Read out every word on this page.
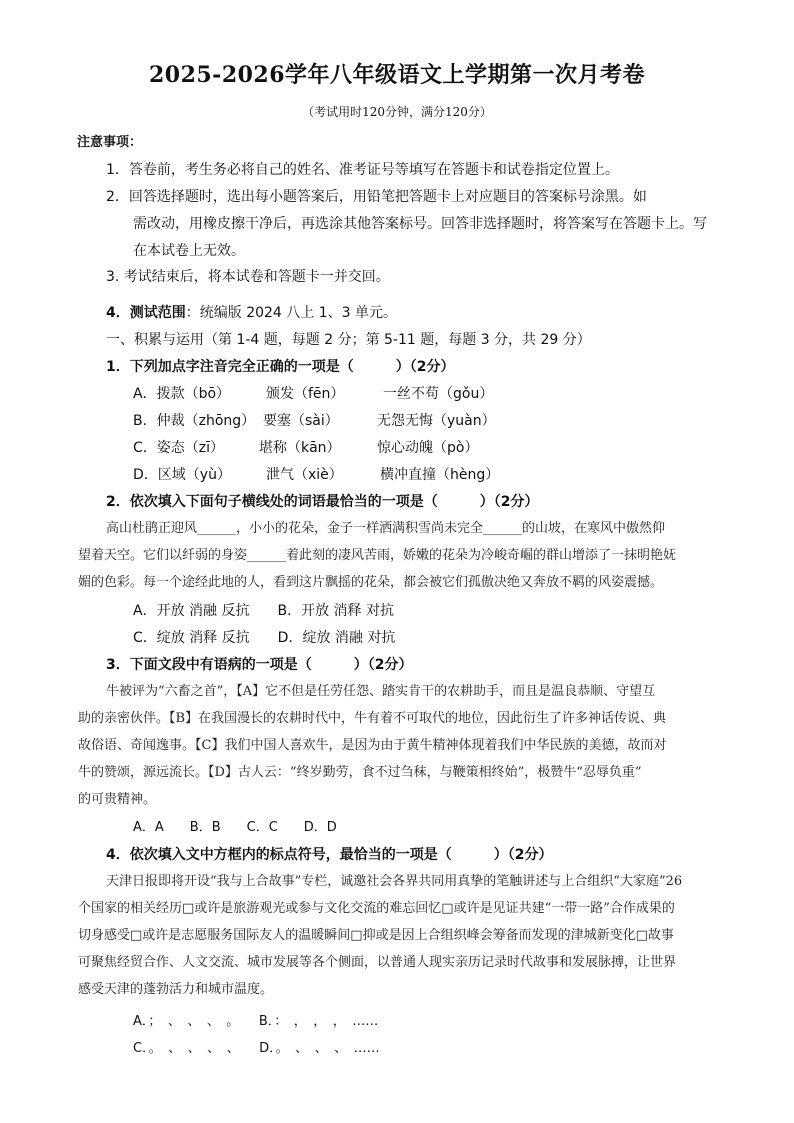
2025-2026学年八年级语文上学期第一次月考卷
（考试用时120分钟，满分120分）
注意事项：
1．答卷前，考生务必将自己的姓名、准考证号等填写在答题卡和试卷指定位置上。
2．回答选择题时，选出每小题答案后，用铅笔把答题卡上对应题目的答案标号涂黑。如
需改动，用橡皮擦干净后，再选涂其他答案标号。回答非选择题时，将答案写在答题卡上。写
在本试卷上无效。
3. 考试结束后，将本试卷和答题卡一并交回。
4．测试范围：统编版 2024 八上 1、3 单元。
一、积累与运用（第 1-4 题，每题 2 分；第 5-11 题，每题 3 分，共 29 分）
1．下列加点字注音完全正确的一项是（　　　）（2分）
A．拨款（bō）	颁发（fēn）	一丝不苟（gǒu）
B．仲裁（zhōng） 要塞（sài）	无怨无悔（yuàn）
C．姿态（zī） 堪称（kān）	惊心动魄（pò）
D．区域（yù）	泄气（xiè）	横冲直撞（hèng）
2．依次填入下面句子横线处的词语最恰当的一项是（　　　）（2分）
高山杜鹃正迎风______，小小的花朵，金子一样洒满积雪尚未完全______的山坡，在寒风中傲然仰
望着天空。它们以纤弱的身姿______着此刻的凄风苦雨，娇嫩的花朵为冷峻奇崛的群山增添了一抹明艳妩
媚的色彩。每一个途经此地的人，看到这片飘摇的花朵，都会被它们孤傲决绝又奔放不羁的风姿震撼。
A．开放 消融 反抗　　B．开放 消释 对抗
C．绽放 消释 反抗　　D．绽放 消融 对抗
3．下面文段中有语病的一项是（　　　）（2分）
牛被评为“六畜之首”，【A】它不但是任劳任怨、踏实肯干的农耕助手，而且是温良恭顺、守望互
助的亲密伙伴。【B】在我国漫长的农耕时代中，牛有着不可取代的地位，因此衍生了许多神话传说、典
故俗语、奇闻逸事。【C】我们中国人喜欢牛，是因为由于黄牛精神体现着我们中华民族的美德，故而对
牛的赞颂，源远流长。【D】古人云：“终岁勤劳，食不过刍秣，与鞭策相终始”，极赞牛“忍辱负重”
的可贵精神。
A．A　　B．B　　C．C　　D．D
4．依次填入文中方框内的标点符号，最恰当的一项是（　　　）（2分）
天津日报即将开设“我与上合故事”专栏，诚邀社会各界共同用真挚的笔触讲述与上合组织“大家庭”26
个国家的相关经历□或许是旅游观光或参与文化交流的难忘回忆□或许是见证共建“一带一路”合作成果的
切身感受□或许是志愿服务国际友人的温暖瞬间□抑或是因上合组织峰会筹备而发现的津城新变化□故事
可聚焦经贸合作、人文交流、城市发展等各个侧面，以普通人现实亲历记录时代故事和发展脉搏，让世界
感受天津的蓬勃活力和城市温度。
A．；　、　、　、　。　　B．：　，　，　，　……
C．。　、　、　、　、　　D．。　、　、　、　……
